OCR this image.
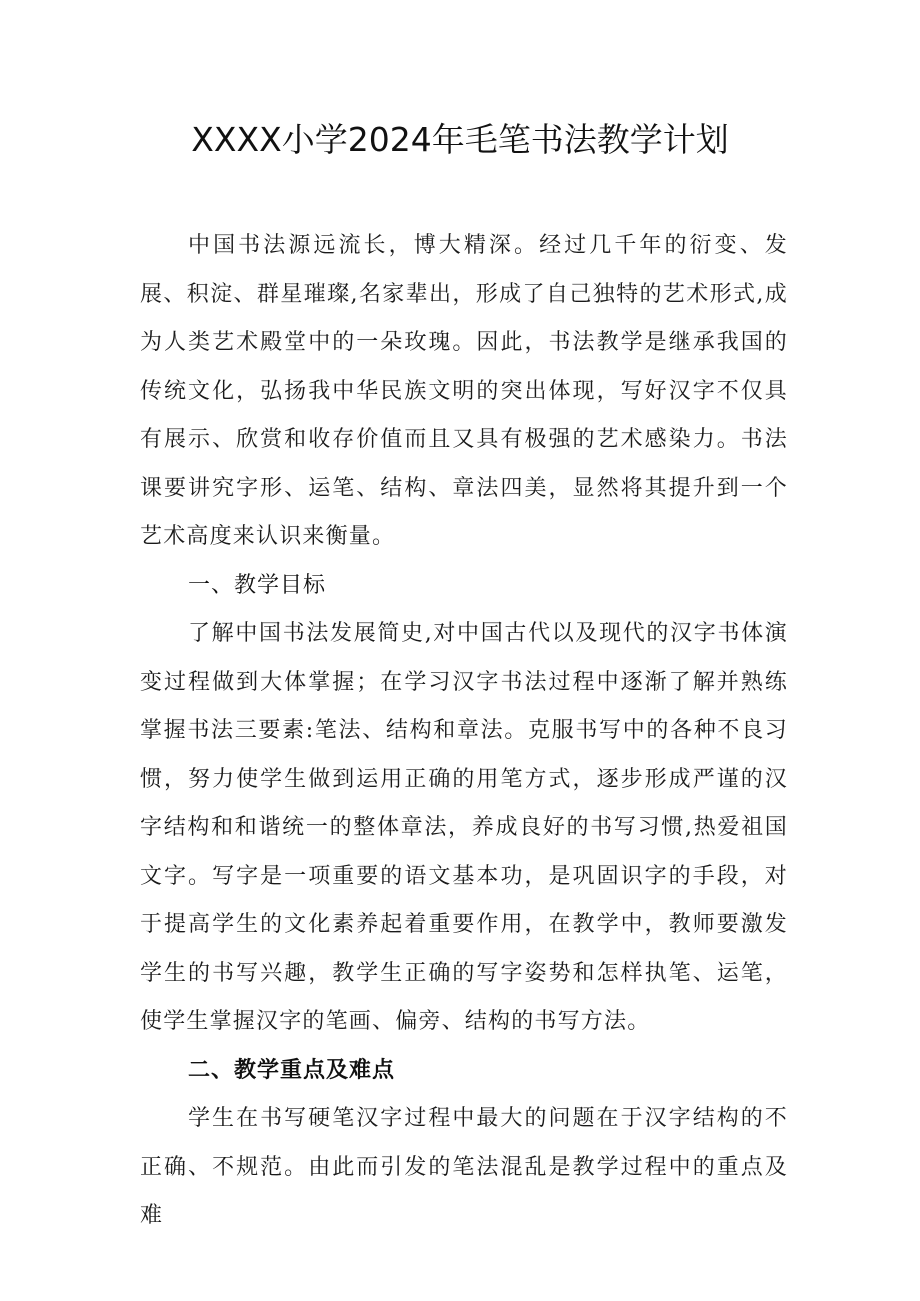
XXXX小学2024年毛笔书法教学计划

中国书法源远流长，博大精深。经过几千年的衍变、发展、积淀、群星璀璨,名家辈出，形成了自己独特的艺术形式,成为人类艺术殿堂中的一朵玫瑰。因此，书法教学是继承我国的传统文化，弘扬我中华民族文明的突出体现，写好汉字不仅具有展示、欣赏和收存价值而且又具有极强的艺术感染力。书法课要讲究字形、运笔、结构、章法四美，显然将其提升到一个艺术高度来认识来衡量。

一、教学目标

了解中国书法发展简史,对中国古代以及现代的汉字书体演变过程做到大体掌握；在学习汉字书法过程中逐渐了解并熟练掌握书法三要素:笔法、结构和章法。克服书写中的各种不良习惯，努力使学生做到运用正确的用笔方式，逐步形成严谨的汉字结构和和谐统一的整体章法，养成良好的书写习惯,热爱祖国文字。写字是一项重要的语文基本功，是巩固识字的手段，对于提高学生的文化素养起着重要作用，在教学中，教师要激发学生的书写兴趣，教学生正确的写字姿势和怎样执笔、运笔，使学生掌握汉字的笔画、偏旁、结构的书写方法。

二、教学重点及难点

学生在书写硬笔汉字过程中最大的问题在于汉字结构的不正确、不规范。由此而引发的笔法混乱是教学过程中的重点及难
